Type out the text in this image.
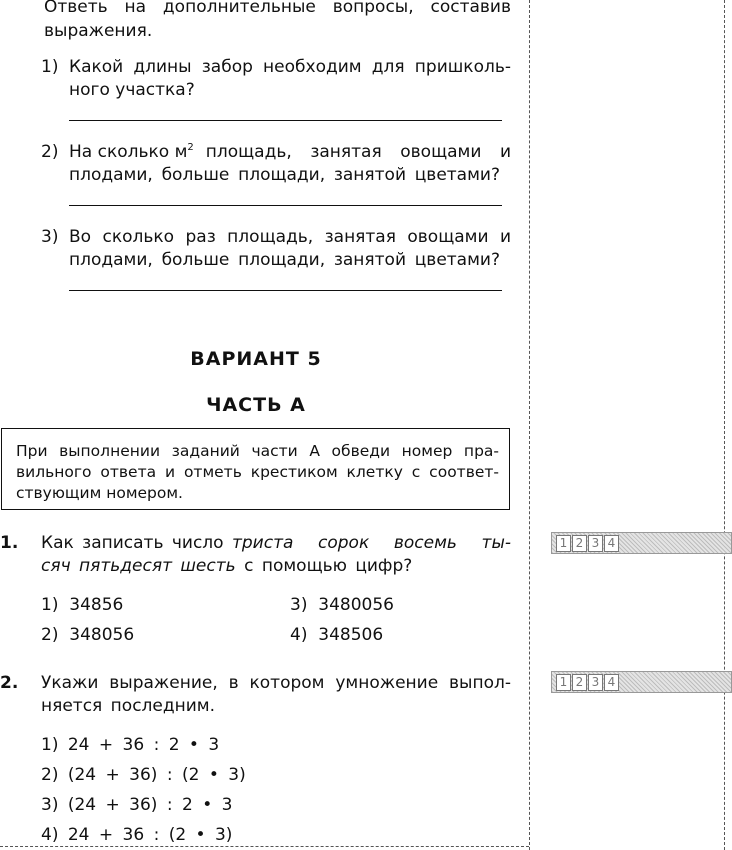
Ответь на дополнительные вопросы, составив
выражения.
1) Какой длины забор необходим для пришколь-
ного участка?
2) На сколько $м^2$ площадь, занятая овощами и
плодами, больше площади, занятой цветами?
3) Во сколько раз площадь, занятая овощами и
плодами, больше площади, занятой цветами?
ВАРИАНТ 5
ЧАСТЬ А
При выполнении заданий части А обведи номер пра-
вильного ответа и отметь крестиком клетку с соответ-
ствующим номером.
1. Как записать число триста сорок восемь ты-
сяч пятьдесят шесть с помощью цифр?
1) 34856	3) 3480056
2) 348056	4) 348506
1 2 3 4
2. Укажи выражение, в котором умножение выпол-
няется последним.
1) 24 + 36 : 2 • 3
2) (24 + 36) : (2 • 3)
3) (24 + 36) : 2 • 3
4) 24 + 36 : (2 • 3)
1 2 3 4
